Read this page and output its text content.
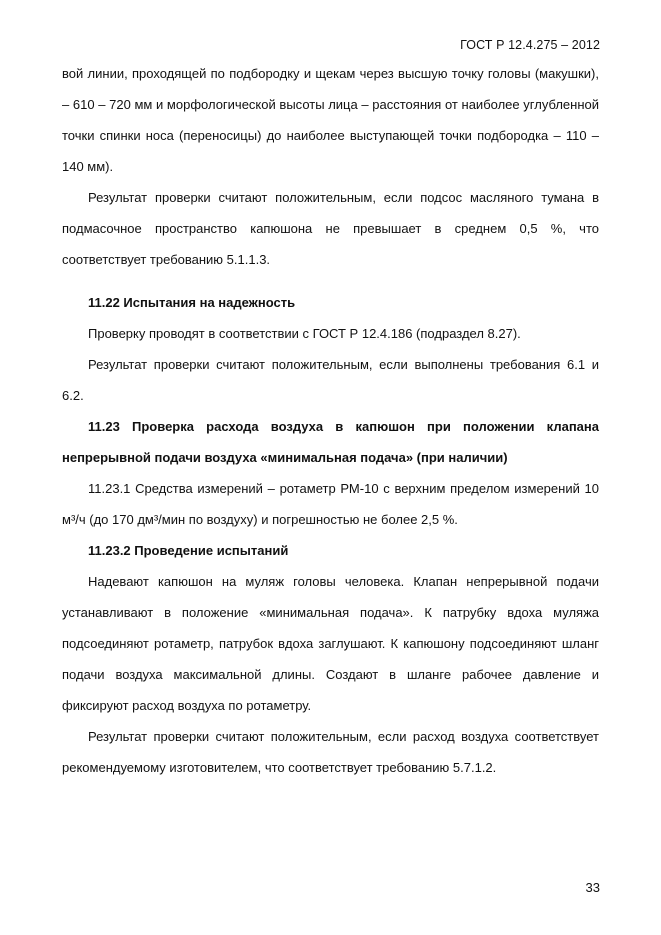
ГОСТ Р 12.4.275 – 2012

вой линии, проходящей по подбородку и щекам через высшую точку головы (макушки), – 610 – 720 мм и морфологической высоты лица – расстояния от наиболее углубленной точки спинки носа (переносицы) до наиболее выступающей точки подбородка – 110 – 140 мм).

Результат проверки считают положительным, если подсос масляного тумана в подмасочное пространство капюшона не превышает в среднем 0,5 %, что соответствует требованию 5.1.1.3.

11.22 Испытания на надежность

Проверку проводят в соответствии с ГОСТ Р 12.4.186 (подраздел 8.27).

Результат проверки считают положительным, если выполнены требования 6.1 и 6.2.

11.23 Проверка расхода воздуха в капюшон при положении клапана непрерывной подачи воздуха «минимальная подача» (при наличии)

11.23.1 Средства измерений – ротаметр РМ-10 с верхним пределом измерений 10 м³/ч (до 170 дм³/мин по воздуху) и погрешностью не более 2,5 %.

11.23.2 Проведение испытаний

Надевают капюшон на муляж головы человека. Клапан непрерывной подачи устанавливают в положение «минимальная подача». К патрубку вдоха муляжа подсоединяют ротаметр, патрубок вдоха заглушают. К капюшону подсоединяют шланг подачи воздуха максимальной длины. Создают в шланге рабочее давление и фиксируют расход воздуха по ротаметру.

Результат проверки считают положительным, если расход воздуха соответствует рекомендуемому изготовителем, что соответствует требованию 5.7.1.2.

33
